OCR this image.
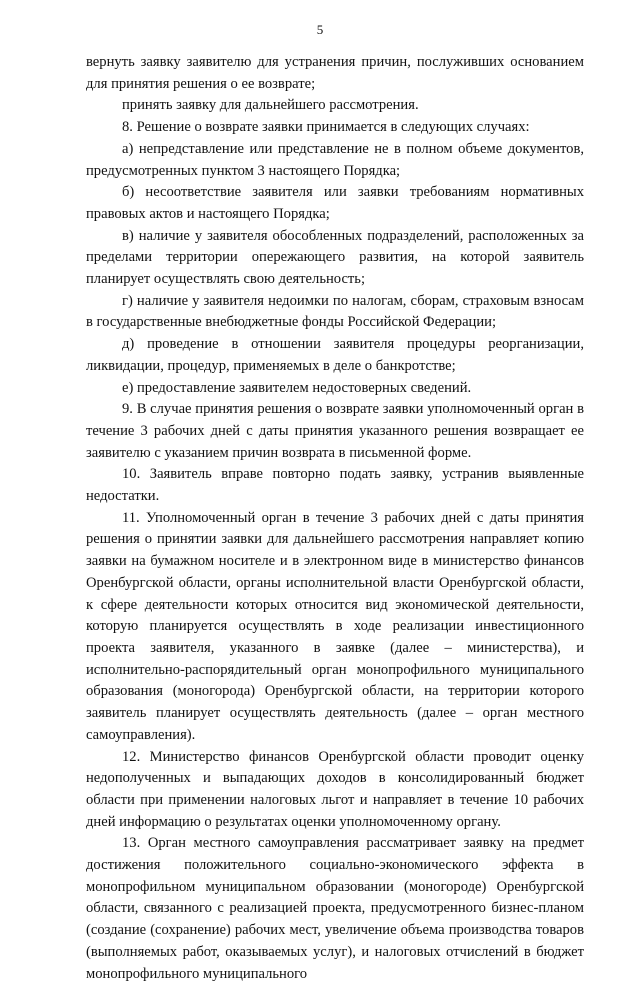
5

вернуть заявку заявителю для устранения причин, послуживших основанием для принятия решения о ее возврате;

принять заявку для дальнейшего рассмотрения.

8. Решение о возврате заявки принимается в следующих случаях:

а) непредставление или представление не в полном объеме документов, предусмотренных пунктом 3 настоящего Порядка;

б) несоответствие заявителя или заявки требованиям нормативных правовых актов и настоящего Порядка;

в) наличие у заявителя обособленных подразделений, расположенных за пределами территории опережающего развития, на которой заявитель планирует осуществлять свою деятельность;

г) наличие у заявителя недоимки по налогам, сборам, страховым взносам в государственные внебюджетные фонды Российской Федерации;

д) проведение в отношении заявителя процедуры реорганизации, ликвидации, процедур, применяемых в деле о банкротстве;

е) предоставление заявителем недостоверных сведений.

9. В случае принятия решения о возврате заявки уполномоченный орган в течение 3 рабочих дней с даты принятия указанного решения возвращает ее заявителю с указанием причин возврата в письменной форме.

10. Заявитель вправе повторно подать заявку, устранив выявленные недостатки.

11. Уполномоченный орган в течение 3 рабочих дней с даты принятия решения о принятии заявки для дальнейшего рассмотрения направляет копию заявки на бумажном носителе и в электронном виде в министерство финансов Оренбургской области, органы исполнительной власти Оренбургской области, к сфере деятельности которых относится вид экономической деятельности, которую планируется осуществлять в ходе реализации инвестиционного проекта заявителя, указанного в заявке (далее – министерства), и исполнительно-распорядительный орган монопрофильного муниципального образования (моногорода) Оренбургской области, на территории которого заявитель планирует осуществлять деятельность (далее – орган местного самоуправления).

12. Министерство финансов Оренбургской области проводит оценку недополученных и выпадающих доходов в консолидированный бюджет области при применении налоговых льгот и направляет в течение 10 рабочих дней информацию о результатах оценки уполномоченному органу.

13. Орган местного самоуправления рассматривает заявку на предмет достижения положительного социально-экономического эффекта в монопрофильном муниципальном образовании (моногороде) Оренбургской области, связанного с реализацией проекта, предусмотренного бизнес-планом (создание (сохранение) рабочих мест, увеличение объема производства товаров (выполняемых работ, оказываемых услуг), и налоговых отчислений в бюджет монопрофильного муниципального
